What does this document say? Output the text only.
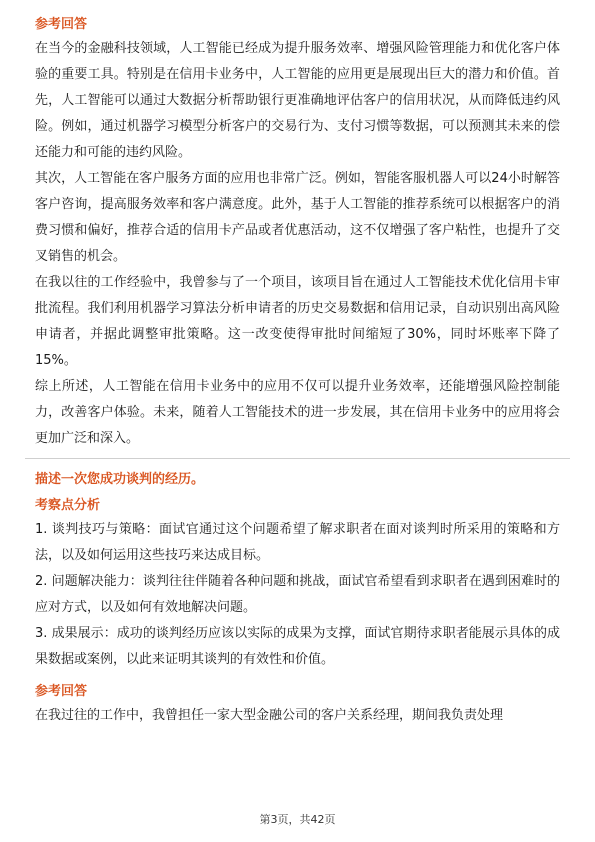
参考回答

在当今的金融科技领域，人工智能已经成为提升服务效率、增强风险管理能力和优化客户体验的重要工具。特别是在信用卡业务中，人工智能的应用更是展现出巨大的潜力和价值。首先，人工智能可以通过大数据分析帮助银行更准确地评估客户的信用状况，从而降低违约风险。例如，通过机器学习模型分析客户的交易行为、支付习惯等数据，可以预测其未来的偿还能力和可能的违约风险。

其次，人工智能在客户服务方面的应用也非常广泛。例如，智能客服机器人可以24小时解答客户咨询，提高服务效率和客户满意度。此外，基于人工智能的推荐系统可以根据客户的消费习惯和偏好，推荐合适的信用卡产品或者优惠活动，这不仅增强了客户粘性，也提升了交叉销售的机会。

在我以往的工作经验中，我曾参与了一个项目，该项目旨在通过人工智能技术优化信用卡审批流程。我们利用机器学习算法分析申请者的历史交易数据和信用记录，自动识别出高风险申请者，并据此调整审批策略。这一改变使得审批时间缩短了30%，同时坏账率下降了15%。

综上所述，人工智能在信用卡业务中的应用不仅可以提升业务效率，还能增强风险控制能力，改善客户体验。未来，随着人工智能技术的进一步发展，其在信用卡业务中的应用将会更加广泛和深入。

描述一次您成功谈判的经历。

考察点分析

1. 谈判技巧与策略：面试官通过这个问题希望了解求职者在面对谈判时所采用的策略和方法，以及如何运用这些技巧来达成目标。

2. 问题解决能力：谈判往往伴随着各种问题和挑战，面试官希望看到求职者在遇到困难时的应对方式，以及如何有效地解决问题。

3. 成果展示：成功的谈判经历应该以实际的成果为支撑，面试官期待求职者能展示具体的成果数据或案例，以此来证明其谈判的有效性和价值。

参考回答

在我过往的工作中，我曾担任一家大型金融公司的客户关系经理，期间我负责处理

第3页，共42页
